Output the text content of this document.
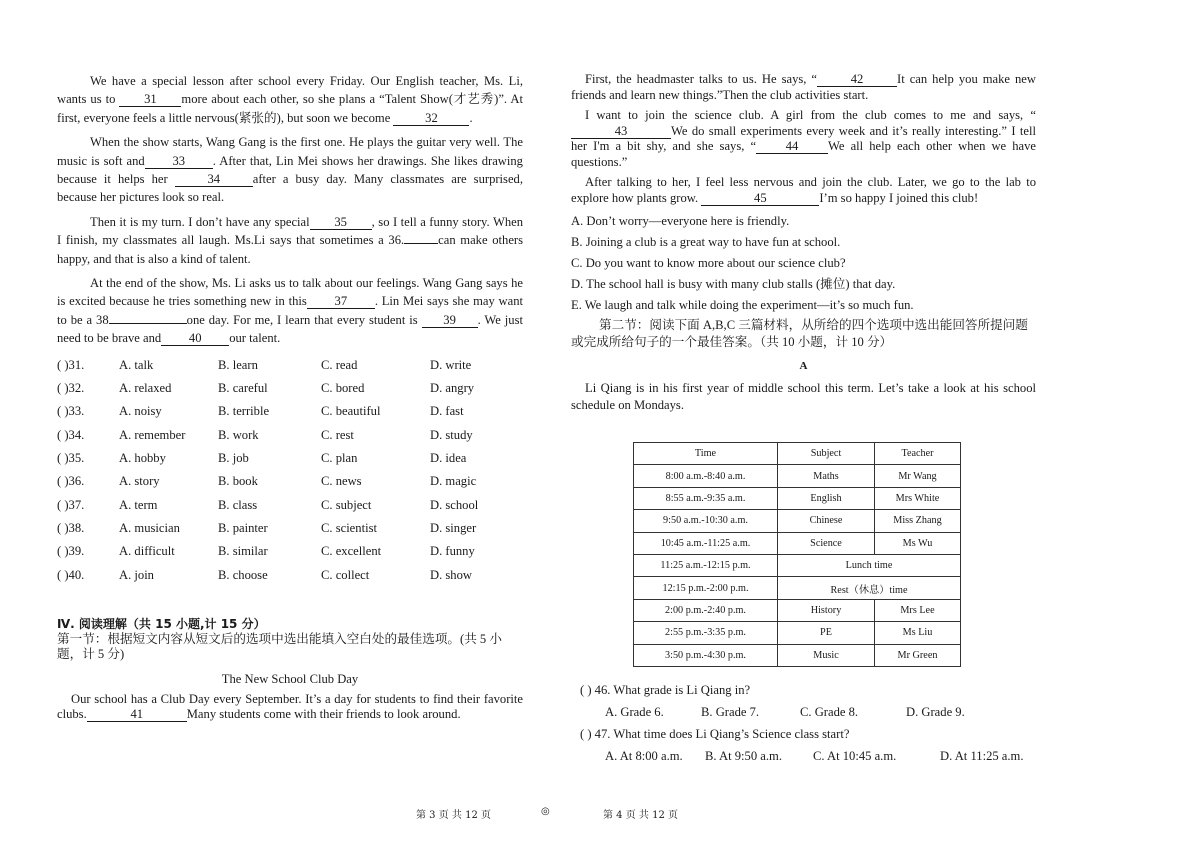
We have a special lesson after school every Friday. Our English teacher, Ms. Li, wants us to 31 more about each other, so she plans a “Talent Show(才艺秀)”. At first, everyone feels a little nervous(紧张的), but soon we become	32	.

When the show starts, Wang Gang is the first one. He plays the guitar very well. The music is soft and 33 . After that, Lin Mei shows her drawings. She likes drawing because it helps her	34	after a busy day. Many classmates are surprised, because her pictures look so real.

Then it is my turn. I don’t have any special 35 , so I tell a funny story. When I finish, my classmates all laugh. Ms.Li says that sometimes a 36.	can make others happy, and that is also a kind of talent.

At the end of the show, Ms. Li asks us to talk about our feelings. Wang Gang says he is excited because he tries something new in this 37 . Lin Mei says she may want to be a 38	one day. For me, I learn that every student is 39 . We just need to be brave and 40 our talent.

( )31.	A. talk	B. learn	C. read	D. write
( )32.	A. relaxed	B. careful	C. bored	D. angry
( )33.	A. noisy	B. terrible	C. beautiful	D. fast
( )34.	A. remember	B. work	C. rest	D. study
( )35.	A. hobby	B. job	C. plan	D. idea
( )36.	A. story	B. book	C. news	D. magic
( )37.	A. term	B. class	C. subject	D. school
( )38.	A. musician	B. painter	C. scientist	D. singer
( )39.	A. difficult	B. similar	C. excellent	D. funny
( )40.	A. join	B. choose	C. collect	D. show
Ⅳ. 阅读理解（共 15 小题,计 15 分）
第一节：根据短文内容从短文后的选项中选出能填入空白处的最佳选项。(共 5 小题，计 5 分)
The New School Club Day

Our school has a Club Day every September. It’s a day for students to find their favorite clubs.	41	Many students come with their friends to look around.

First, the headmaster talks to us. He says, “	42	It can help you make new friends and learn new things.”Then the club activities start.

I want to join the science club. A girl from the club comes to me and says, “ 43	We do small experiments every week and it’s really interesting.” I tell her I'm a bit shy, and she says, “ 44 We all help each other when we have questions.”

After talking to her, I feel less nervous and join the club. Later, we go to the lab to explore how plants grow.	45	I’m so happy I joined this club!

A. Don’t worry—everyone here is friendly.

B. Joining a club is a great way to have fun at school.

C. Do you want to know more about our science club?

D. The school hall is busy with many club stalls (摊位) that day.

E. We laugh and talk while doing the experiment—it’s so much fun.

第二节：阅读下面 A,B,C 三篇材料，从所给的四个选项中选出能回答所提问题或完成所给句子的一个最佳答案。（共 10 小题，计 10 分）
A

Li Qiang is in his first year of middle school this term. Let’s take a look at his school schedule on Mondays.

Time	Subject	Teacher
8:00 a.m.-8:40 a.m.	Maths	Mr Wang
8:55 a.m.-9:35 a.m.	English	Mrs White
9:50 a.m.-10:30 a.m.	Chinese	Miss Zhang
10:45 a.m.-11:25 a.m.	Science	Ms Wu
11:25 a.m.-12:15 p.m.	Lunch time	
12:15 p.m.-2:00 p.m.	Rest（休息）time	
2:00 p.m.-2:40 p.m.	History	Mrs Lee
2:55 p.m.-3:35 p.m.	PE	Ms Liu
3:50 p.m.-4:30 p.m.	Music	Mr Green
( ) 46. What grade is Li Qiang in?
A. Grade 6.	B. Grade 7.	C. Grade 8.	D. Grade 9.
( ) 47. What time does Li Qiang’s Science class start?
A. At 8:00 a.m. B. At 9:50 a.m. C. At 10:45 a.m.	D. At 11:25 a.m.
第 3 页 共 12 页	◎	第 4 页 共 12 页
